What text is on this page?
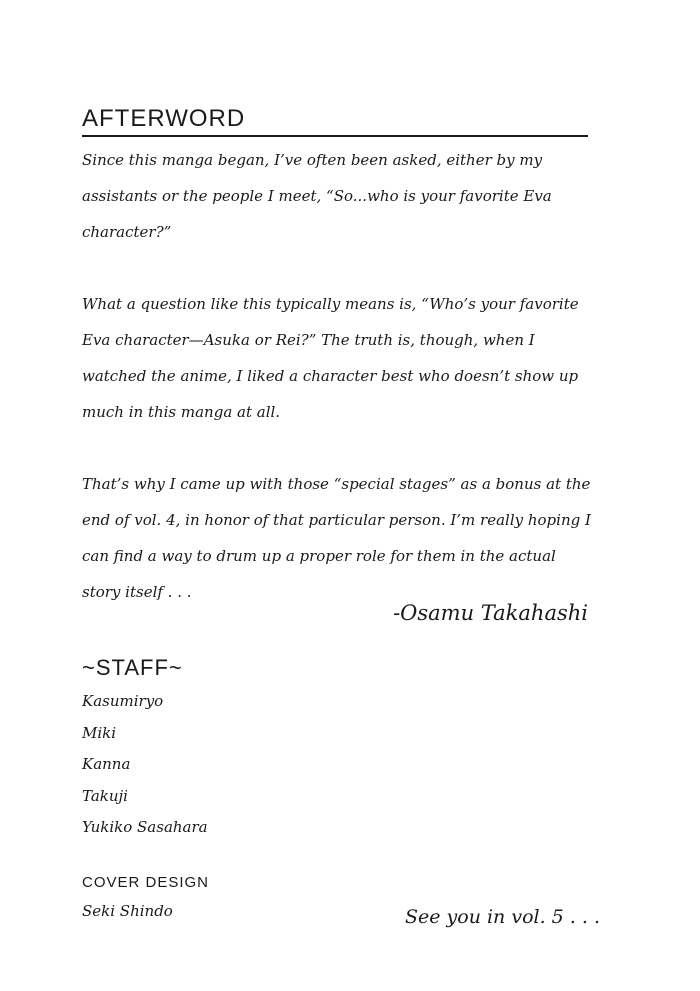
AFTERWORD

Since this manga began, I’ve often been asked, either by my assistants or the people I meet, “So...who is your favorite Eva character?”

What a question like this typically means is, “Who’s your favorite Eva character—Asuka or Rei?” The truth is, though, when I watched the anime, I liked a character best who doesn’t show up much in this manga at all.

That’s why I came up with those “special stages” as a bonus at the end of vol. 4, in honor of that particular person. I’m really hoping I can find a way to drum up a proper role for them in the actual story itself . . .

-Osamu Takahashi
~STAFF~
Kasumiryo
Miki
Kanna
Takuji
Yukiko Sasahara
COVER DESIGN
Seki Shindo	See you in vol. 5 . . .
